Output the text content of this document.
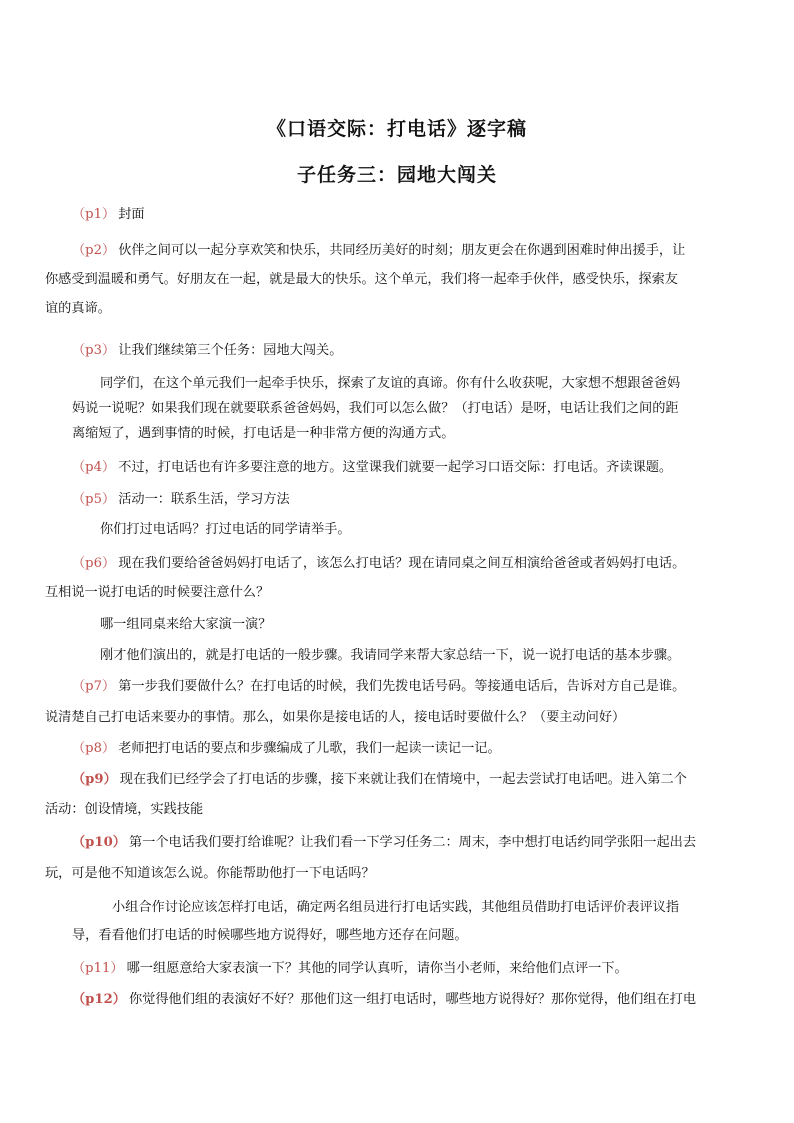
《口语交际：打电话》逐字稿
子任务三：园地大闯关

（p1） 封面

（p2） 伙伴之间可以一起分享欢笑和快乐，共同经历美好的时刻；朋友更会在你遇到困难时伸出援手，让

你感受到温暖和勇气。好朋友在一起，就是最大的快乐。这个单元，我们将一起牵手伙伴，感受快乐，探索友

谊的真谛。

（p3） 让我们继续第三个任务：园地大闯关。

同学们，在这个单元我们一起牵手快乐，探索了友谊的真谛。你有什么收获呢，大家想不想跟爸爸妈

妈说一说呢？如果我们现在就要联系爸爸妈妈，我们可以怎么做？（打电话）是呀，电话让我们之间的距

离缩短了，遇到事情的时候，打电话是一种非常方便的沟通方式。

（p4） 不过，打电话也有许多要注意的地方。这堂课我们就要一起学习口语交际：打电话。齐读课题。

（p5） 活动一：联系生活，学习方法

你们打过电话吗？打过电话的同学请举手。

（p6） 现在我们要给爸爸妈妈打电话了，该怎么打电话？现在请同桌之间互相演给爸爸或者妈妈打电话。

互相说一说打电话的时候要注意什么？

哪一组同桌来给大家演一演？

刚才他们演出的，就是打电话的一般步骤。我请同学来帮大家总结一下，说一说打电话的基本步骤。

（p7） 第一步我们要做什么？在打电话的时候，我们先拨电话号码。等接通电话后，告诉对方自己是谁。

说清楚自己打电话来要办的事情。那么，如果你是接电话的人，接电话时要做什么？（要主动问好）

（p8） 老师把打电话的要点和步骤编成了儿歌，我们一起读一读记一记。

（p9） 现在我们已经学会了打电话的步骤，接下来就让我们在情境中，一起去尝试打电话吧。进入第二个

活动：创设情境，实践技能

（p10） 第一个电话我们要打给谁呢？让我们看一下学习任务二：周末，李中想打电话约同学张阳一起出去

玩，可是他不知道该怎么说。你能帮助他打一下电话吗？

小组合作讨论应该怎样打电话，确定两名组员进行打电话实践，其他组员借助打电话评价表评议指

导，看看他们打电话的时候哪些地方说得好，哪些地方还存在问题。

（p11） 哪一组愿意给大家表演一下？其他的同学认真听，请你当小老师，来给他们点评一下。

（p12） 你觉得他们组的表演好不好？那他们这一组打电话时，哪些地方说得好？那你觉得，他们组在打电
